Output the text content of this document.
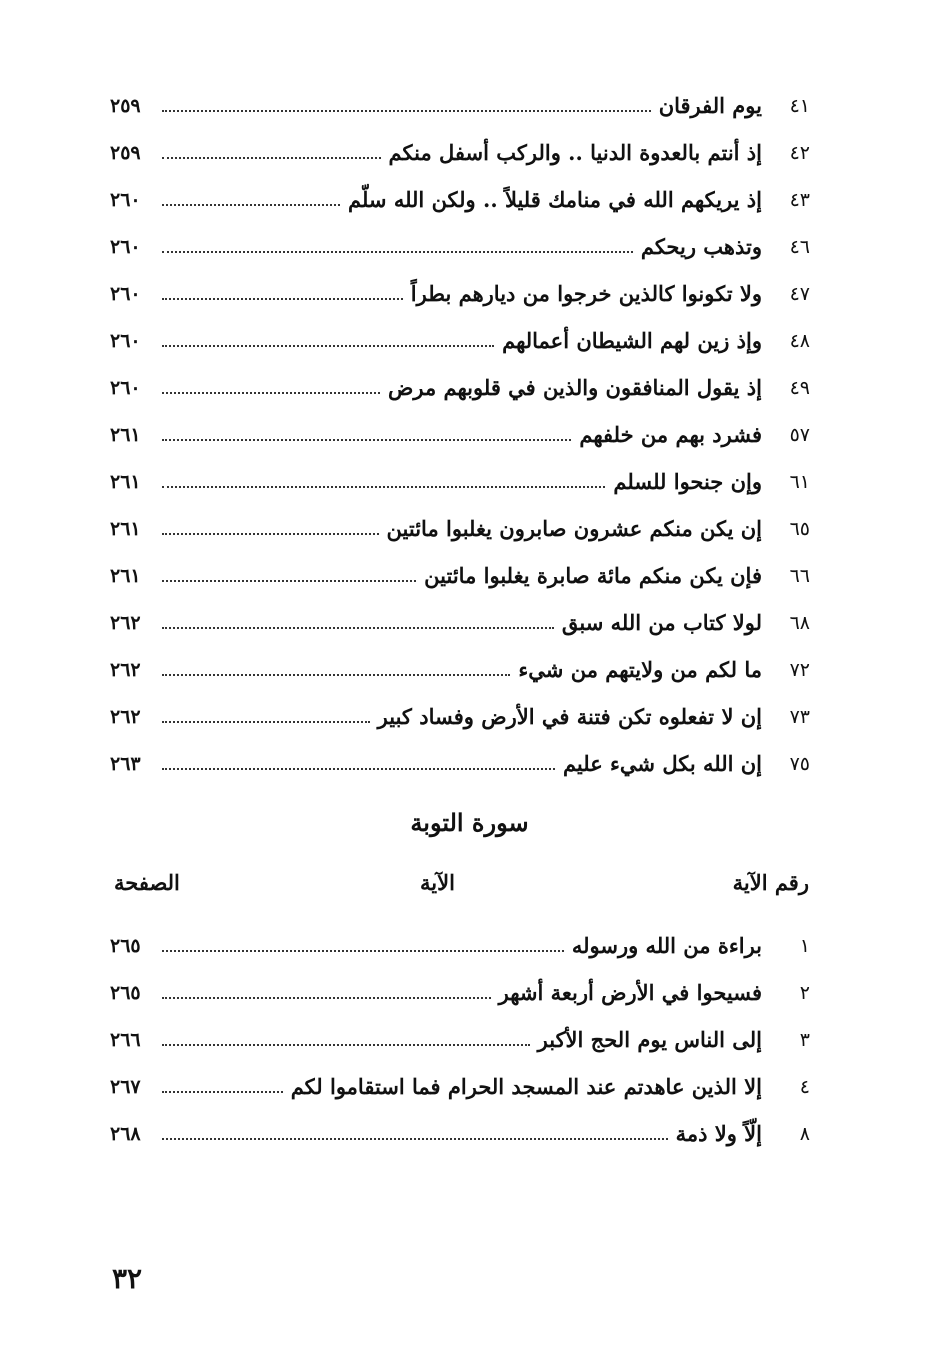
٤١
يوم الفرقان
٢٥٩
٤٢
إذ أنتم بالعدوة الدنيا .. والركب أسفل منكم
٢٥٩
٤٣
إذ يريكهم الله في منامك قليلاً .. ولكن الله سلّم
٢٦٠
٤٦
وتذهب ريحكم
٢٦٠
٤٧
ولا تكونوا كالذين خرجوا من ديارهم بطراً
٢٦٠
٤٨
وإذ زين لهم الشيطان أعمالهم
٢٦٠
٤٩
إذ يقول المنافقون والذين في قلوبهم مرض
٢٦٠
٥٧
فشرد بهم من خلفهم
٢٦١
٦١
وإن جنحوا للسلم
٢٦١
٦٥
إن يكن منكم عشرون صابرون يغلبوا مائتين
٢٦١
٦٦
فإن يكن منكم مائة صابرة يغلبوا مائتين
٢٦١
٦٨
لولا كتاب من الله سبق
٢٦٢
٧٢
ما لكم من ولايتهم من شيء
٢٦٢
٧٣
إن لا تفعلوه تكن فتنة في الأرض وفساد كبير
٢٦٢
٧٥
إن الله بكل شيء عليم
٢٦٣
سورة التوبة
رقم الآية
الآية
الصفحة
١
براءة من الله ورسوله
٢٦٥
٢
فسيحوا في الأرض أربعة أشهر
٢٦٥
٣
إلى الناس يوم الحج الأكبر
٢٦٦
٤
إلا الذين عاهدتم عند المسجد الحرام فما استقاموا لكم
٢٦٧
٨
إلّاً ولا ذمة
٢٦٨
٣٢
